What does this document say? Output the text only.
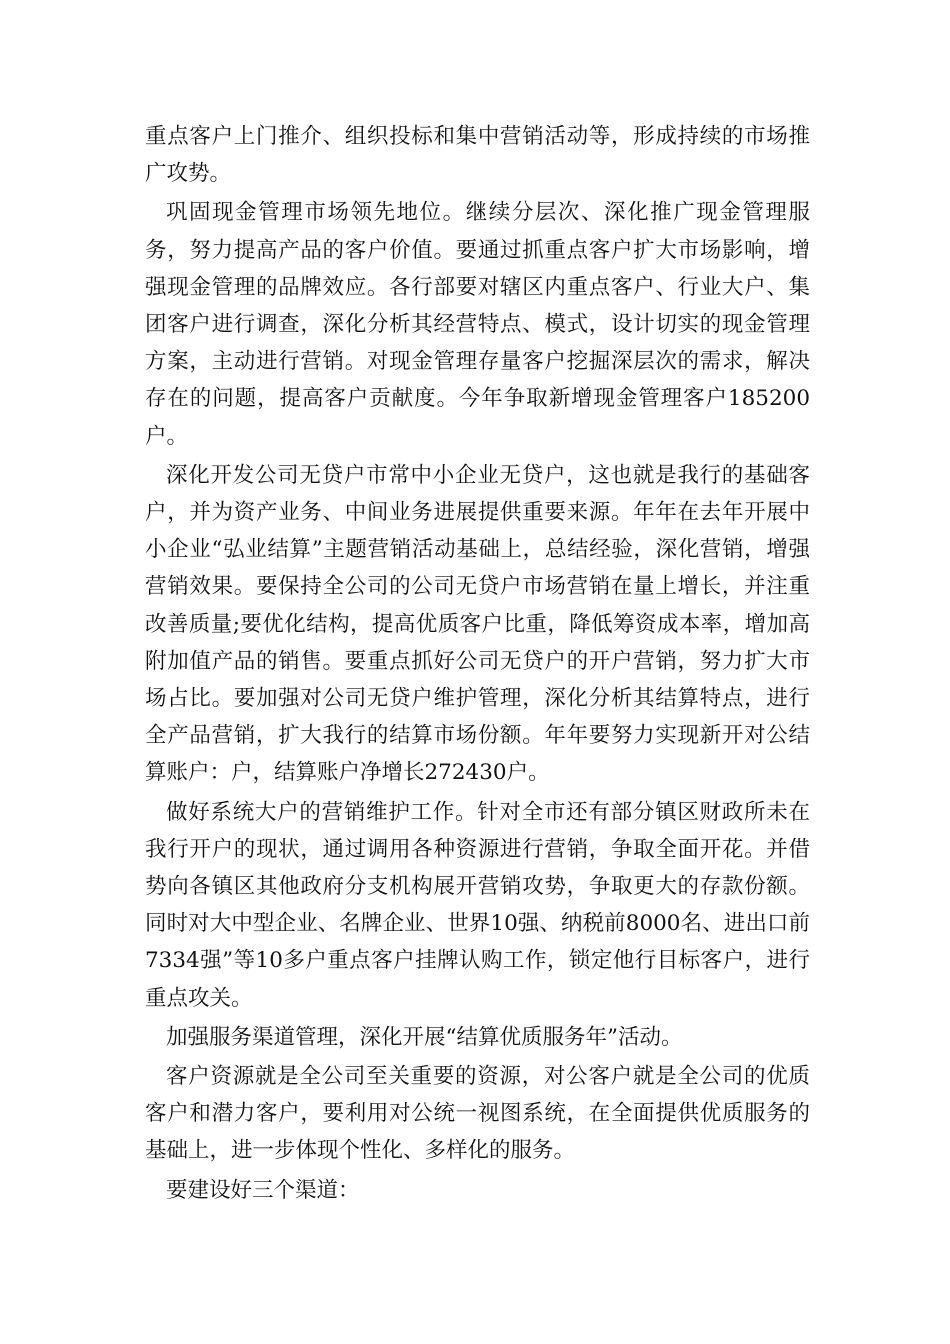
重点客户上门推介、组织投标和集中营销活动等，形成持续的市场推广攻势。

巩固现金管理市场领先地位。继续分层次、深化推广现金管理服务，努力提高产品的客户价值。要通过抓重点客户扩大市场影响，增强现金管理的品牌效应。各行部要对辖区内重点客户、行业大户、集团客户进行调查，深化分析其经营特点、模式，设计切实的现金管理方案，主动进行营销。对现金管理存量客户挖掘深层次的需求，解决存在的问题，提高客户贡献度。今年争取新增现金管理客户185200户。

深化开发公司无贷户市常中小企业无贷户，这也就是我行的基础客户，并为资产业务、中间业务进展提供重要来源。年年在去年开展中小企业“弘业结算”主题营销活动基础上，总结经验，深化营销，增强营销效果。要保持全公司的公司无贷户市场营销在量上增长，并注重改善质量;要优化结构，提高优质客户比重，降低筹资成本率，增加高附加值产品的销售。要重点抓好公司无贷户的开户营销，努力扩大市场占比。要加强对公司无贷户维护管理，深化分析其结算特点，进行全产品营销，扩大我行的结算市场份额。年年要努力实现新开对公结算账户：户，结算账户净增长272430户。

做好系统大户的营销维护工作。针对全市还有部分镇区财政所未在我行开户的现状，通过调用各种资源进行营销，争取全面开花。并借势向各镇区其他政府分支机构展开营销攻势，争取更大的存款份额。同时对大中型企业、名牌企业、世界10强、纳税前8000名、进出口前7334强”等10多户重点客户挂牌认购工作，锁定他行目标客户，进行重点攻关。

加强服务渠道管理，深化开展“结算优质服务年”活动。

客户资源就是全公司至关重要的资源，对公客户就是全公司的优质客户和潜力客户，要利用对公统一视图系统，在全面提供优质服务的基础上，进一步体现个性化、多样化的服务。

要建设好三个渠道：
